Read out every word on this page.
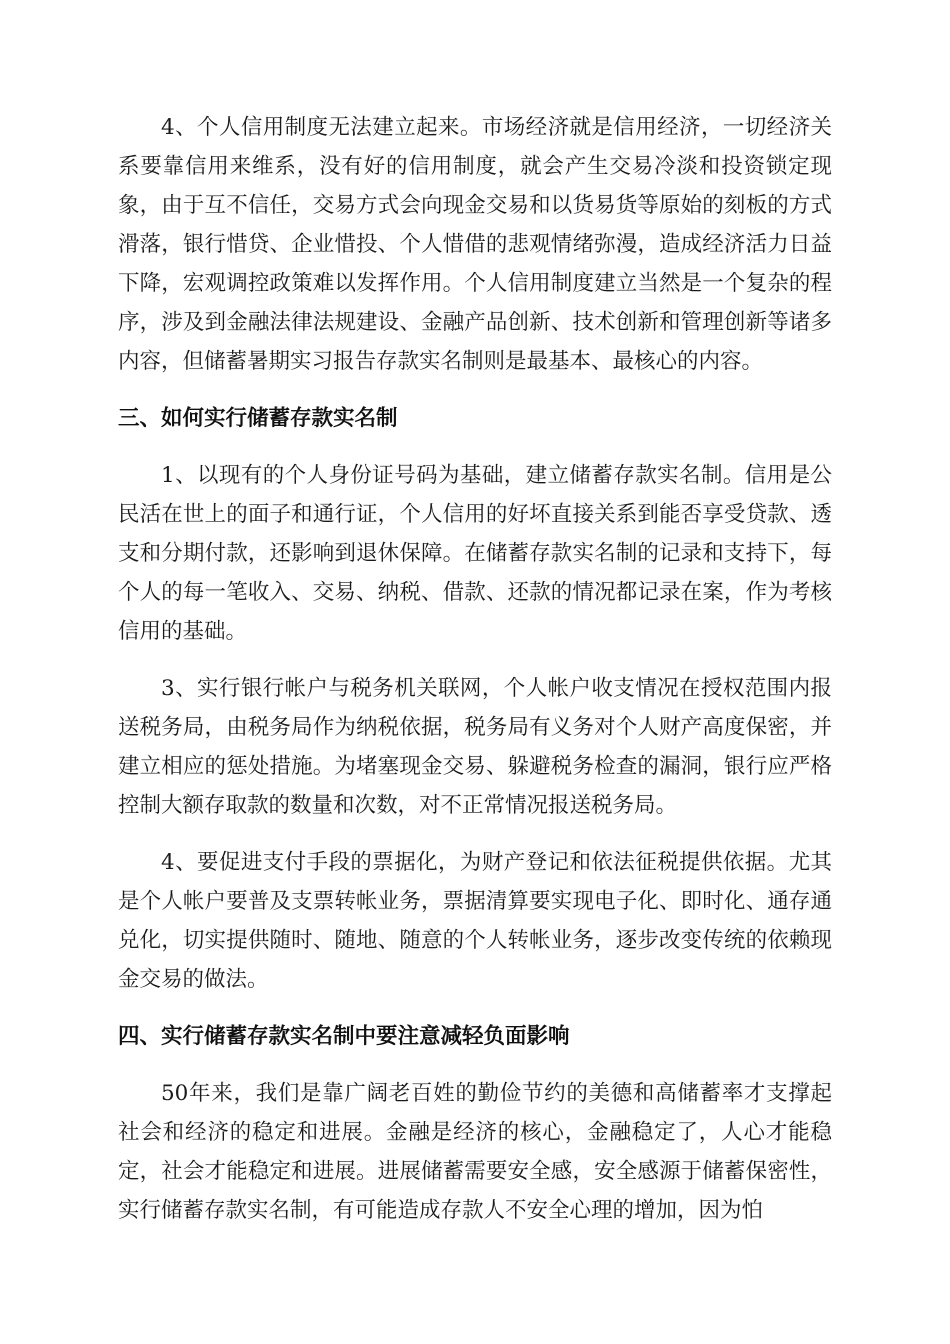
4、个人信用制度无法建立起来。市场经济就是信用经济，一切经济关系要靠信用来维系，没有好的信用制度，就会产生交易冷淡和投资锁定现象，由于互不信任，交易方式会向现金交易和以货易货等原始的刻板的方式滑落，银行惜贷、企业惜投、个人惜借的悲观情绪弥漫，造成经济活力日益下降，宏观调控政策难以发挥作用。个人信用制度建立当然是一个复杂的程序，涉及到金融法律法规建设、金融产品创新、技术创新和管理创新等诸多内容，但储蓄暑期实习报告存款实名制则是最基本、最核心的内容。

三、如何实行储蓄存款实名制

1、以现有的个人身份证号码为基础，建立储蓄存款实名制。信用是公民活在世上的面子和通行证，个人信用的好坏直接关系到能否享受贷款、透支和分期付款，还影响到退休保障。在储蓄存款实名制的记录和支持下，每个人的每一笔收入、交易、纳税、借款、还款的情况都记录在案，作为考核信用的基础。

3、实行银行帐户与税务机关联网，个人帐户收支情况在授权范围内报送税务局，由税务局作为纳税依据，税务局有义务对个人财产高度保密，并建立相应的惩处措施。为堵塞现金交易、躲避税务检查的漏洞，银行应严格控制大额存取款的数量和次数，对不正常情况报送税务局。

4、要促进支付手段的票据化，为财产登记和依法征税提供依据。尤其是个人帐户要普及支票转帐业务，票据清算要实现电子化、即时化、通存通兑化，切实提供随时、随地、随意的个人转帐业务，逐步改变传统的依赖现金交易的做法。

四、实行储蓄存款实名制中要注意减轻负面影响

50年来，我们是靠广阔老百姓的勤俭节约的美德和高储蓄率才支撑起社会和经济的稳定和进展。金融是经济的核心，金融稳定了，人心才能稳定，社会才能稳定和进展。进展储蓄需要安全感，安全感源于储蓄保密性，实行储蓄存款实名制，有可能造成存款人不安全心理的增加，因为怕
